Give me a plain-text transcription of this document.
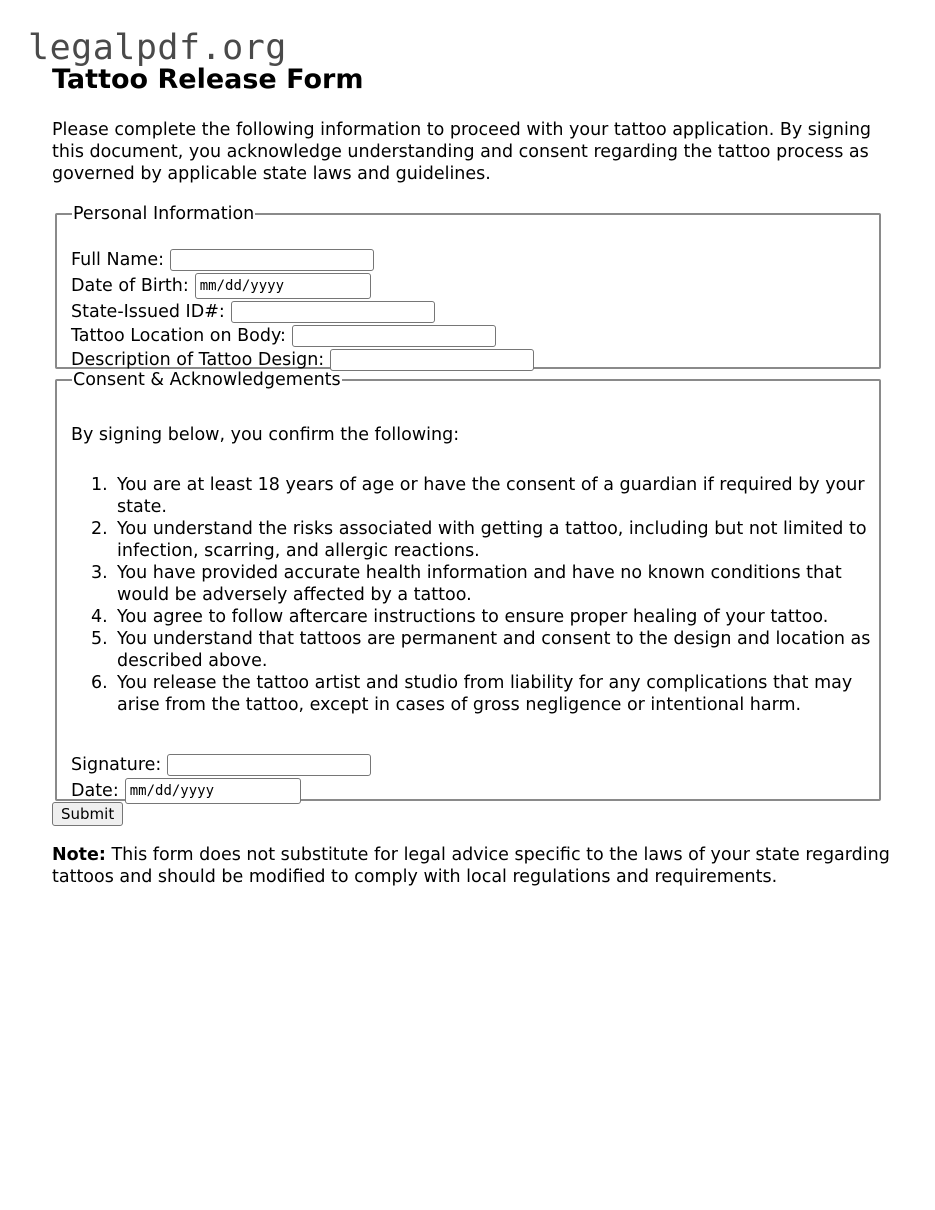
legalpdf.org
Tattoo Release Form

Please complete the following information to proceed with your tattoo application. By signing this document, you acknowledge understanding and consent regarding the tattoo process as governed by applicable state laws and guidelines.

Personal Information
Full Name:
Date of Birth: mm/dd/yyyy
State-Issued ID#:
Tattoo Location on Body:
Description of Tattoo Design:
Consent & Acknowledgements

By signing below, you confirm the following:

1. You are at least 18 years of age or have the consent of a guardian if required by your state.
2. You understand the risks associated with getting a tattoo, including but not limited to infection, scarring, and allergic reactions.
3. You have provided accurate health information and have no known conditions that would be adversely affected by a tattoo.
4. You agree to follow aftercare instructions to ensure proper healing of your tattoo.
5. You understand that tattoos are permanent and consent to the design and location as described above.
6. You release the tattoo artist and studio from liability for any complications that may arise from the tattoo, except in cases of gross negligence or intentional harm.
Signature:
Date: mm/dd/yyyy
Submit

Note: This form does not substitute for legal advice specific to the laws of your state regarding tattoos and should be modified to comply with local regulations and requirements.
